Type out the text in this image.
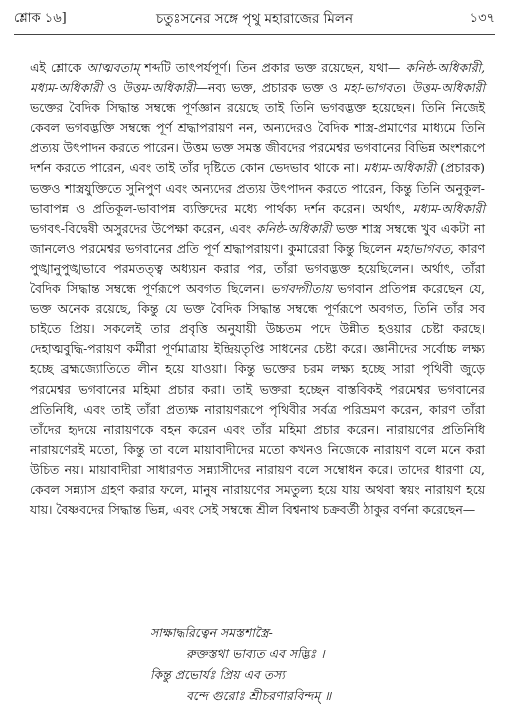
শ্লোক ১৬]	চতুঃসনের সঙ্গে পৃথু মহারাজের মিলন	১৩৭

এই শ্লোকে আত্মবতাম্ শব্দটি তাৎপর্যপূর্ণ। তিন প্রকার ভক্ত রয়েছেন, যথা— কনিষ্ঠ-অধিকারী, মধ্যম-অধিকারী ও উত্তম-অধিকারী—নব্য ভক্ত, প্রচারক ভক্ত ও মহা-ভাগবত। উত্তম-অধিকারী ভক্তের বৈদিক সিদ্ধান্ত সম্বন্ধে পূর্ণজ্ঞান রয়েছে তাই তিনি ভগবদ্ভক্ত হয়েছেন। তিনি নিজেই কেবল ভগবদ্ভক্তি সম্বন্ধে পূর্ণ শ্রদ্ধাপরায়ণ নন, অন্যদেরও বৈদিক শাস্ত্র-প্রমাণের মাধ্যমে তিনি প্রত্যয় উৎপাদন করতে পারেন। উত্তম ভক্ত সমস্ত জীবদের পরমেশ্বর ভগবানের বিভিন্ন অংশরূপে দর্শন করতে পারেন, এবং তাই তাঁর দৃষ্টিতে কোন ভেদভাব থাকে না। মধ্যম-অধিকারী (প্রচারক) ভক্তও শাস্ত্রযুক্তিতে সুনিপুণ এবং অন্যদের প্রত্যয় উৎপাদন করতে পারেন, কিন্তু তিনি অনুকূল-ভাবাপন্ন ও প্রতিকূল-ভাবাপন্ন ব্যক্তিদের মধ্যে পার্থক্য দর্শন করেন। অর্থাৎ, মধ্যম-অধিকারী ভগবৎ-বিদ্বেষী অসুরদের উপেক্ষা করেন, এবং কনিষ্ঠ-অধিকারী ভক্ত শাস্ত্র সম্বন্ধে খুব একটা না জানলেও পরমেশ্বর ভগবানের প্রতি পূর্ণ শ্রদ্ধাপরায়ণ। কুমারেরা কিন্তু ছিলেন মহাভাগবত, কারণ পুঙ্খানুপুঙ্খভাবে পরমতত্ত্ব অধ্যয়ন করার পর, তাঁরা ভগবদ্ভক্ত হয়েছিলেন। অর্থাৎ, তাঁরা বৈদিক সিদ্ধান্ত সম্বন্ধে পূর্ণরূপে অবগত ছিলেন। ভগবদ্গীতায় ভগবান প্রতিপন্ন করেছেন যে, ভক্ত অনেক রয়েছে, কিন্তু যে ভক্ত বৈদিক সিদ্ধান্ত সম্বন্ধে পূর্ণরূপে অবগত, তিনি তাঁর সব চাইতে প্রিয়। সকলেই তার প্রবৃত্তি অনুযায়ী উচ্চতম পদে উন্নীত হওয়ার চেষ্টা করছে। দেহাত্মবুদ্ধি-পরায়ণ কর্মীরা পূর্ণমাত্রায় ইন্দ্রিয়তৃপ্তি সাধনের চেষ্টা করে। জ্ঞানীদের সর্বোচ্চ লক্ষ্য হচ্ছে ব্রহ্মজ্যোতিতে লীন হয়ে যাওয়া। কিন্তু ভক্তের চরম লক্ষ্য হচ্ছে সারা পৃথিবী জুড়ে পরমেশ্বর ভগবানের মহিমা প্রচার করা। তাই ভক্তরা হচ্ছেন বাস্তবিকই পরমেশ্বর ভগবানের প্রতিনিধি, এবং তাই তাঁরা প্রত্যক্ষ নারায়ণরূপে পৃথিবীর সর্বত্র পরিভ্রমণ করেন, কারণ তাঁরা তাঁদের হৃদয়ে নারায়ণকে বহন করেন এবং তাঁর মহিমা প্রচার করেন। নারায়ণের প্রতিনিধি নারায়ণেরই মতো, কিন্তু তা বলে মায়াবাদীদের মতো কখনও নিজেকে নারায়ণ বলে মনে করা উচিত নয়। মায়াবাদীরা সাধারণত সন্ন্যাসীদের নারায়ণ বলে সম্বোধন করে। তাদের ধারণা যে, কেবল সন্ন্যাস গ্রহণ করার ফলে, মানুষ নারায়ণের সমতুল্য হয়ে যায় অথবা স্বয়ং নারায়ণ হয়ে যায়। বৈষ্ণবদের সিদ্ধান্ত ভিন্ন, এবং সেই সম্বন্ধে শ্রীল বিশ্বনাথ চক্রবর্তী ঠাকুর বর্ণনা করেছেন—

সাক্ষাদ্ধরিত্বেন সমস্তশাস্ত্রৈ-
রুক্তস্তথা ভাব্যত এব সদ্ভিঃ ।
কিন্তু প্রভোর্যঃ প্রিয় এব তস্য
বন্দে গুরোঃ শ্রীচরণারবিন্দম্ ॥
